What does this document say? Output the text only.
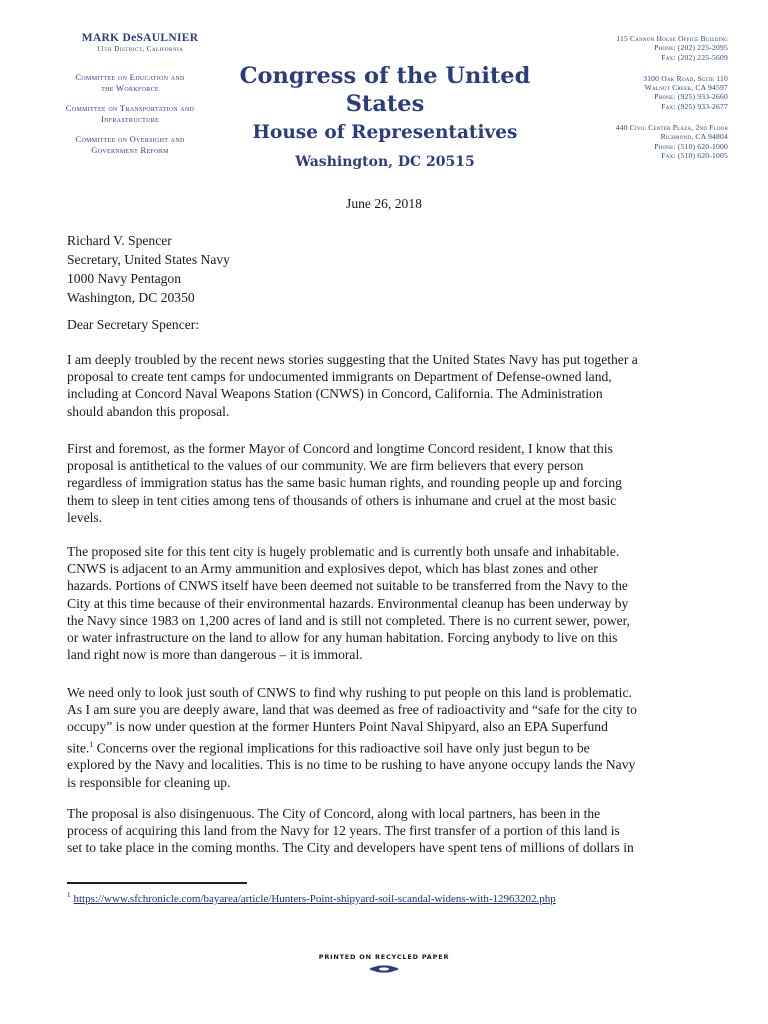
MARK DeSAULNIER
11th District, California
Committee on Education and
the Workforce
Committee on Transportation and
Infrastructure
Committee on Oversight and
Government Reform
Congress of the United States
House of Representatives
Washington, DC 20515
115 Cannon House Office Building
Phone: (202) 225-2095
Fax: (202) 225-5609
3100 Oak Road, Suite 110
Walnut Creek, CA 94597
Phone: (925) 933-2660
Fax: (925) 933-2677
440 Civic Center Plaza, 2nd Floor
Richmond, CA 94804
Phone: (510) 620-1000
Fax: (510) 620-1005
June 26, 2018
Richard V. Spencer
Secretary, United States Navy
1000 Navy Pentagon
Washington, DC 20350
Dear Secretary Spencer:
I am deeply troubled by the recent news stories suggesting that the United States Navy has put together a
proposal to create tent camps for undocumented immigrants on Department of Defense-owned land,
including at Concord Naval Weapons Station (CNWS) in Concord, California. The Administration
should abandon this proposal.
First and foremost, as the former Mayor of Concord and longtime Concord resident, I know that this
proposal is antithetical to the values of our community. We are firm believers that every person
regardless of immigration status has the same basic human rights, and rounding people up and forcing
them to sleep in tent cities among tens of thousands of others is inhumane and cruel at the most basic
levels.
The proposed site for this tent city is hugely problematic and is currently both unsafe and inhabitable.
CNWS is adjacent to an Army ammunition and explosives depot, which has blast zones and other
hazards. Portions of CNWS itself have been deemed not suitable to be transferred from the Navy to the
City at this time because of their environmental hazards. Environmental cleanup has been underway by
the Navy since 1983 on 1,200 acres of land and is still not completed. There is no current sewer, power,
or water infrastructure on the land to allow for any human habitation. Forcing anybody to live on this
land right now is more than dangerous – it is immoral.
We need only to look just south of CNWS to find why rushing to put people on this land is problematic.
As I am sure you are deeply aware, land that was deemed as free of radioactivity and “safe for the city to
occupy” is now under question at the former Hunters Point Naval Shipyard, also an EPA Superfund
site.$^1$ Concerns over the regional implications for this radioactive soil have only just begun to be
explored by the Navy and localities. This is no time to be rushing to have anyone occupy lands the Navy
is responsible for cleaning up.
The proposal is also disingenuous. The City of Concord, along with local partners, has been in the
process of acquiring this land from the Navy for 12 years. The first transfer of a portion of this land is
set to take place in the coming months. The City and developers have spent tens of millions of dollars in
$^1$ https://www.sfchronicle.com/bayarea/article/Hunters-Point-shipyard-soil-scandal-widens-with-12963202.php
PRINTED ON RECYCLED PAPER
